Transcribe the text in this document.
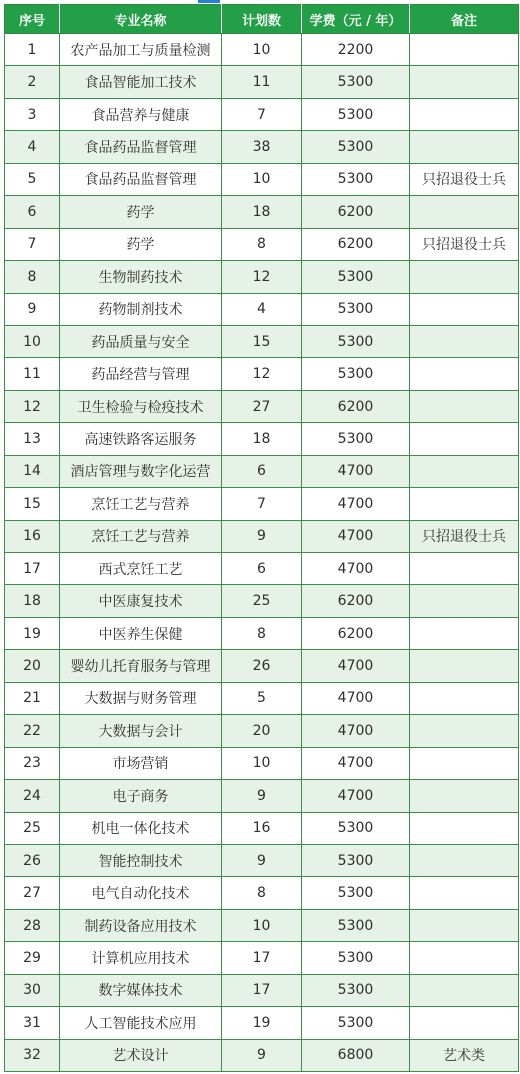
序号	专业名称	计划数	学费（元 / 年）	备注
1	农产品加工与质量检测	10	2200	
2	食品智能加工技术	11	5300	
3	食品营养与健康	7	5300	
4	食品药品监督管理	38	5300	
5	食品药品监督管理	10	5300	只招退役士兵
6	药学	18	6200	
7	药学	8	6200	只招退役士兵
8	生物制药技术	12	5300	
9	药物制剂技术	4	5300	
10	药品质量与安全	15	5300	
11	药品经营与管理	12	5300	
12	卫生检验与检疫技术	27	6200	
13	高速铁路客运服务	18	5300	
14	酒店管理与数字化运营	6	4700	
15	烹饪工艺与营养	7	4700	
16	烹饪工艺与营养	9	4700	只招退役士兵
17	西式烹饪工艺	6	4700	
18	中医康复技术	25	6200	
19	中医养生保健	8	6200	
20	婴幼儿托育服务与管理	26	4700	
21	大数据与财务管理	5	4700	
22	大数据与会计	20	4700	
23	市场营销	10	4700	
24	电子商务	9	4700	
25	机电一体化技术	16	5300	
26	智能控制技术	9	5300	
27	电气自动化技术	8	5300	
28	制药设备应用技术	10	5300	
29	计算机应用技术	17	5300	
30	数字媒体技术	17	5300	
31	人工智能技术应用	19	5300	
32	艺术设计	9	6800	艺术类
